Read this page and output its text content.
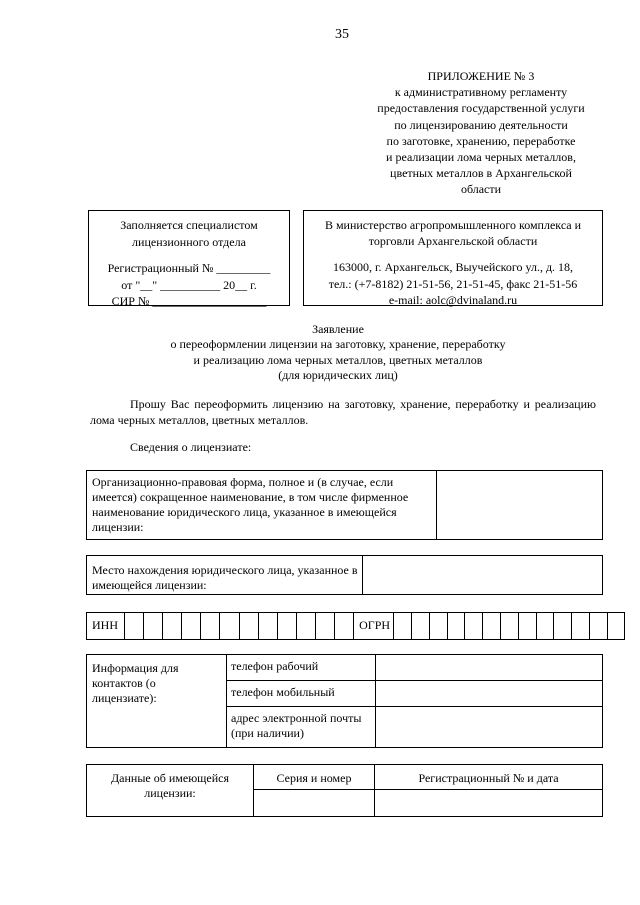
35
ПРИЛОЖЕНИЕ № 3
к административному регламенту
предоставления государственной услуги
по лицензированию деятельности
по заготовке, хранению, переработке
и реализации лома черных металлов,
цветных металлов в Архангельской
области
Заполняется специалистом
лицензионного отдела
Регистрационный № _________
от "__" __________ 20__ г.
СИР № ___________________
В министерство агропромышленного комплекса и
торговли Архангельской области
163000, г. Архангельск, Выучейского ул., д. 18,
тел.: (+7-8182) 21-51-56, 21-51-45, факс 21-51-56
e-mail: aolc@dvinaland.ru
Заявление
о переоформлении лицензии на заготовку, хранение, переработку
и реализацию лома черных металлов, цветных металлов
(для юридических лиц)
Прошу Вас переоформить лицензию на заготовку, хранение, переработку и реализацию лома черных металлов, цветных металлов.
Сведения о лицензиате:
Организационно-правовая форма, полное и (в случае, если имеется) сокращенное наименование, в том числе фирменное наименование юридического лица, указанное в имеющейся лицензии:	
Место нахождения юридического лица, указанное в имеющейся лицензии:	
ИНН													ОГРН													
Информация для контактов (о лицензиате):	телефон рабочий	
	телефон мобильный	
	адрес электронной почты (при наличии)	
Данные об имеющейся лицензии:	Серия и номер	Регистрационный № и дата
